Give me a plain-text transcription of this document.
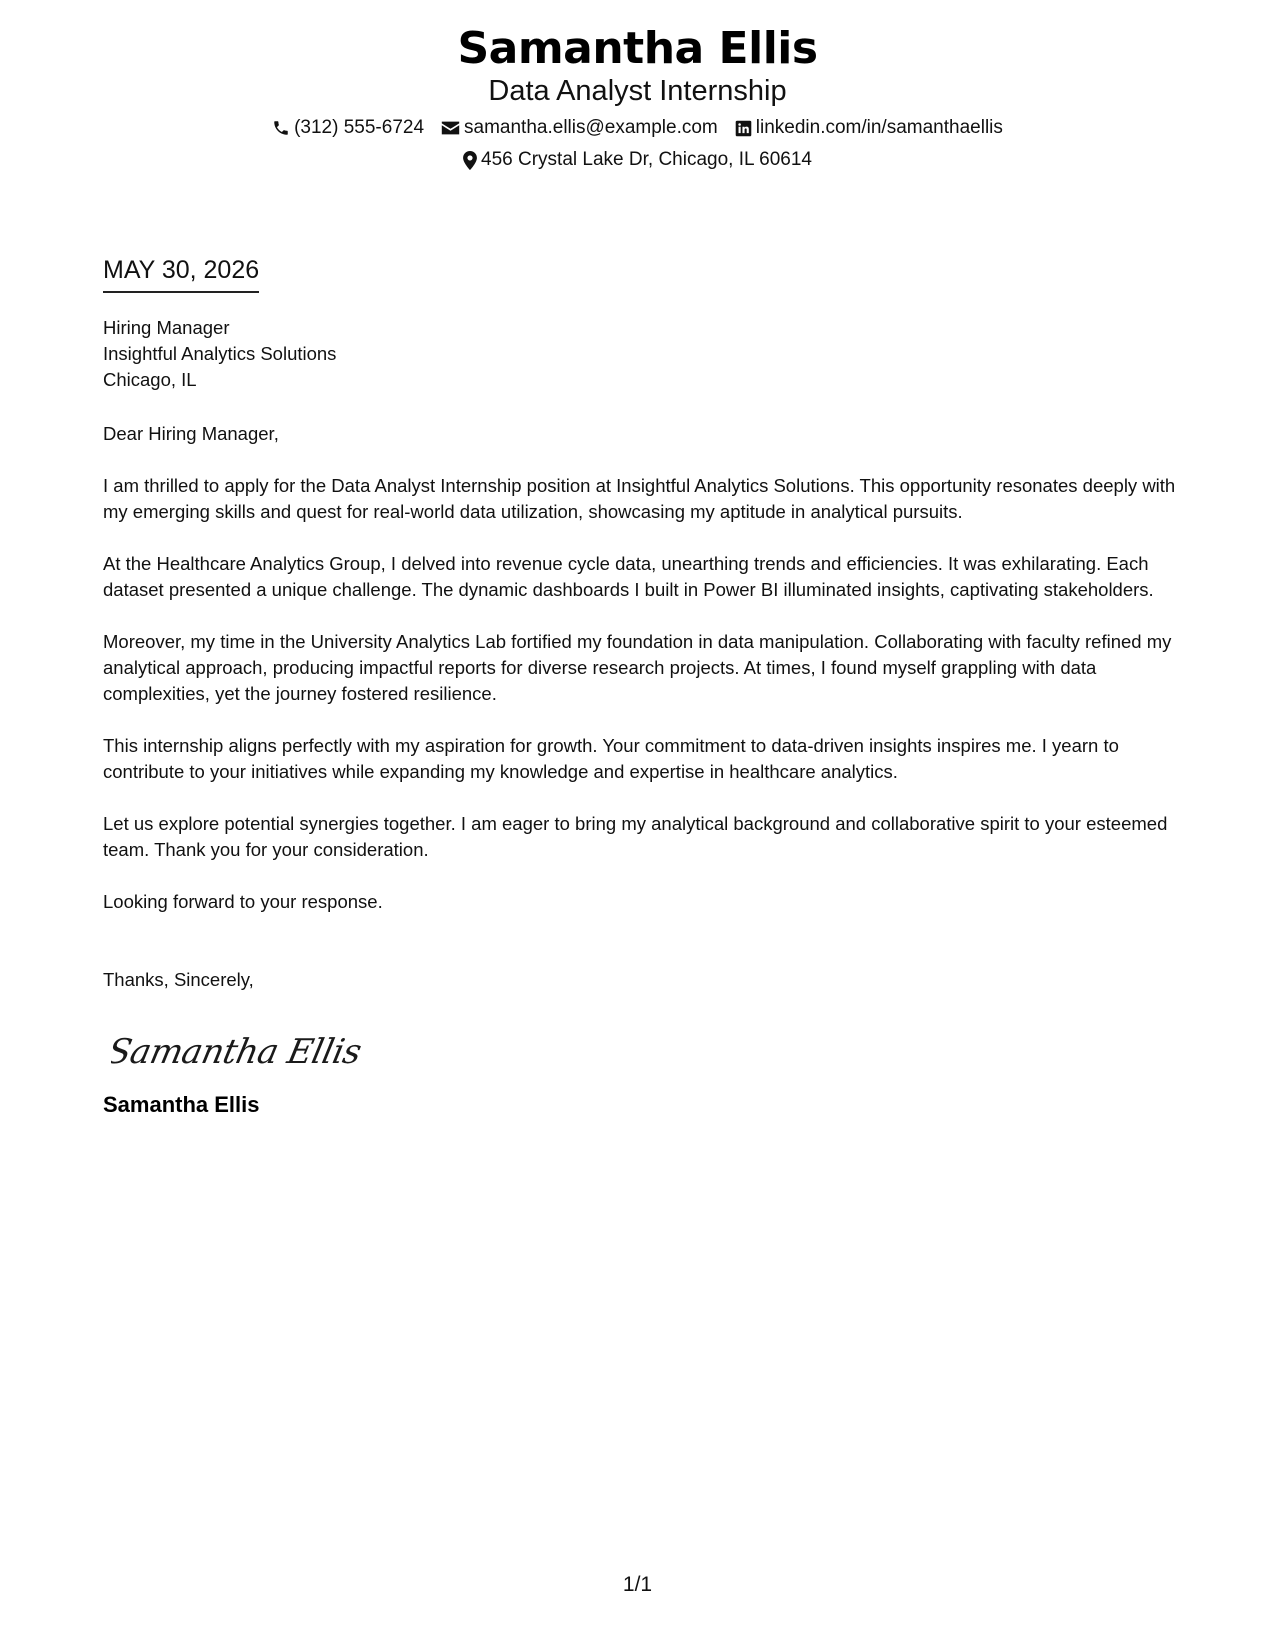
Samantha Ellis
Data Analyst Internship
(312) 555-6724 samantha.ellis@example.com linkedin.com/in/samanthaellis
456 Crystal Lake Dr, Chicago, IL 60614
MAY 30, 2026
Hiring Manager
Insightful Analytics Solutions
Chicago, IL
Dear Hiring Manager,
I am thrilled to apply for the Data Analyst Internship position at Insightful Analytics Solutions. This opportunity resonates deeply with my emerging skills and quest for real-world data utilization, showcasing my aptitude in analytical pursuits.
At the Healthcare Analytics Group, I delved into revenue cycle data, unearthing trends and efficiencies. It was exhilarating. Each dataset presented a unique challenge. The dynamic dashboards I built in Power BI illuminated insights, captivating stakeholders.
Moreover, my time in the University Analytics Lab fortified my foundation in data manipulation. Collaborating with faculty refined my analytical approach, producing impactful reports for diverse research projects. At times, I found myself grappling with data complexities, yet the journey fostered resilience.
This internship aligns perfectly with my aspiration for growth. Your commitment to data-driven insights inspires me. I yearn to contribute to your initiatives while expanding my knowledge and expertise in healthcare analytics.
Let us explore potential synergies together. I am eager to bring my analytical background and collaborative spirit to your esteemed team. Thank you for your consideration.
Looking forward to your response.
Thanks, Sincerely,
Samantha Ellis
Samantha Ellis
1/1
